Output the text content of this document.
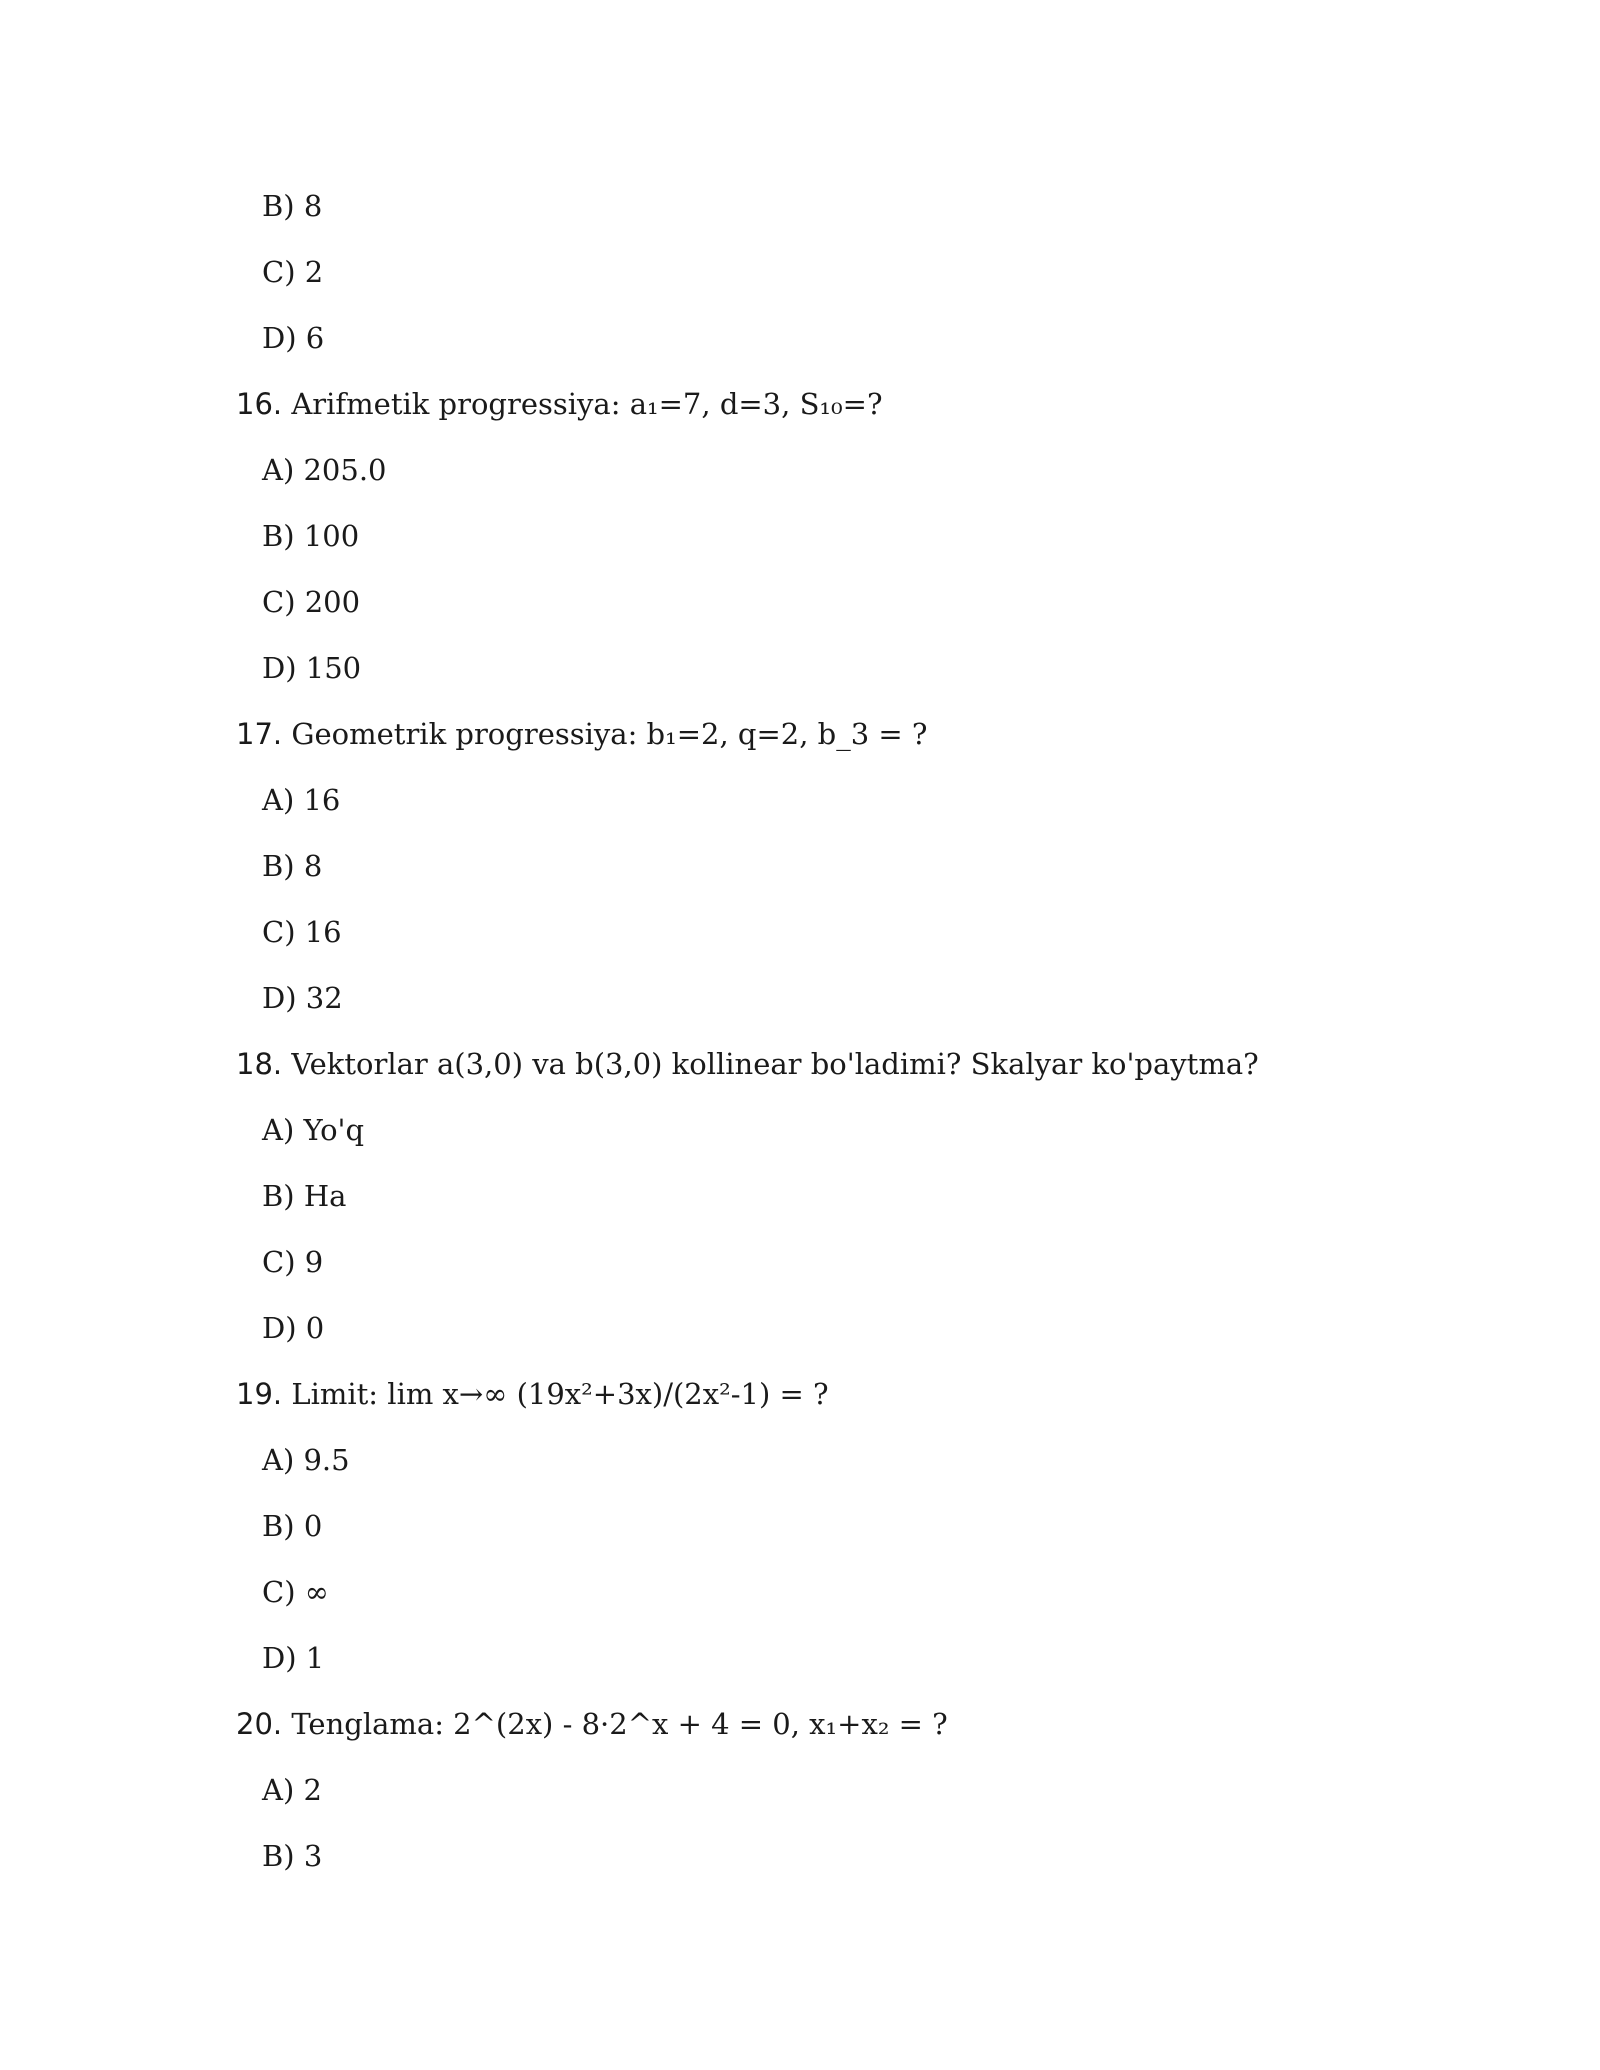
B) 8
C) 2
D) 6
16. Arifmetik progressiya: a₁=7, d=3, S₁₀=?
A) 205.0
B) 100
C) 200
D) 150
17. Geometrik progressiya: b₁=2, q=2, b_3 = ?
A) 16
B) 8
C) 16
D) 32
18. Vektorlar a(3,0) va b(3,0) kollinear bo'ladimi? Skalyar ko'paytma?
A) Yo'q
B) Ha
C) 9
D) 0
19. Limit: lim x→∞ (19x²+3x)/(2x²-1) = ?
A) 9.5
B) 0
C) ∞
D) 1
20. Tenglama: 2^(2x) - 8·2^x + 4 = 0, x₁+x₂ = ?
A) 2
B) 3
